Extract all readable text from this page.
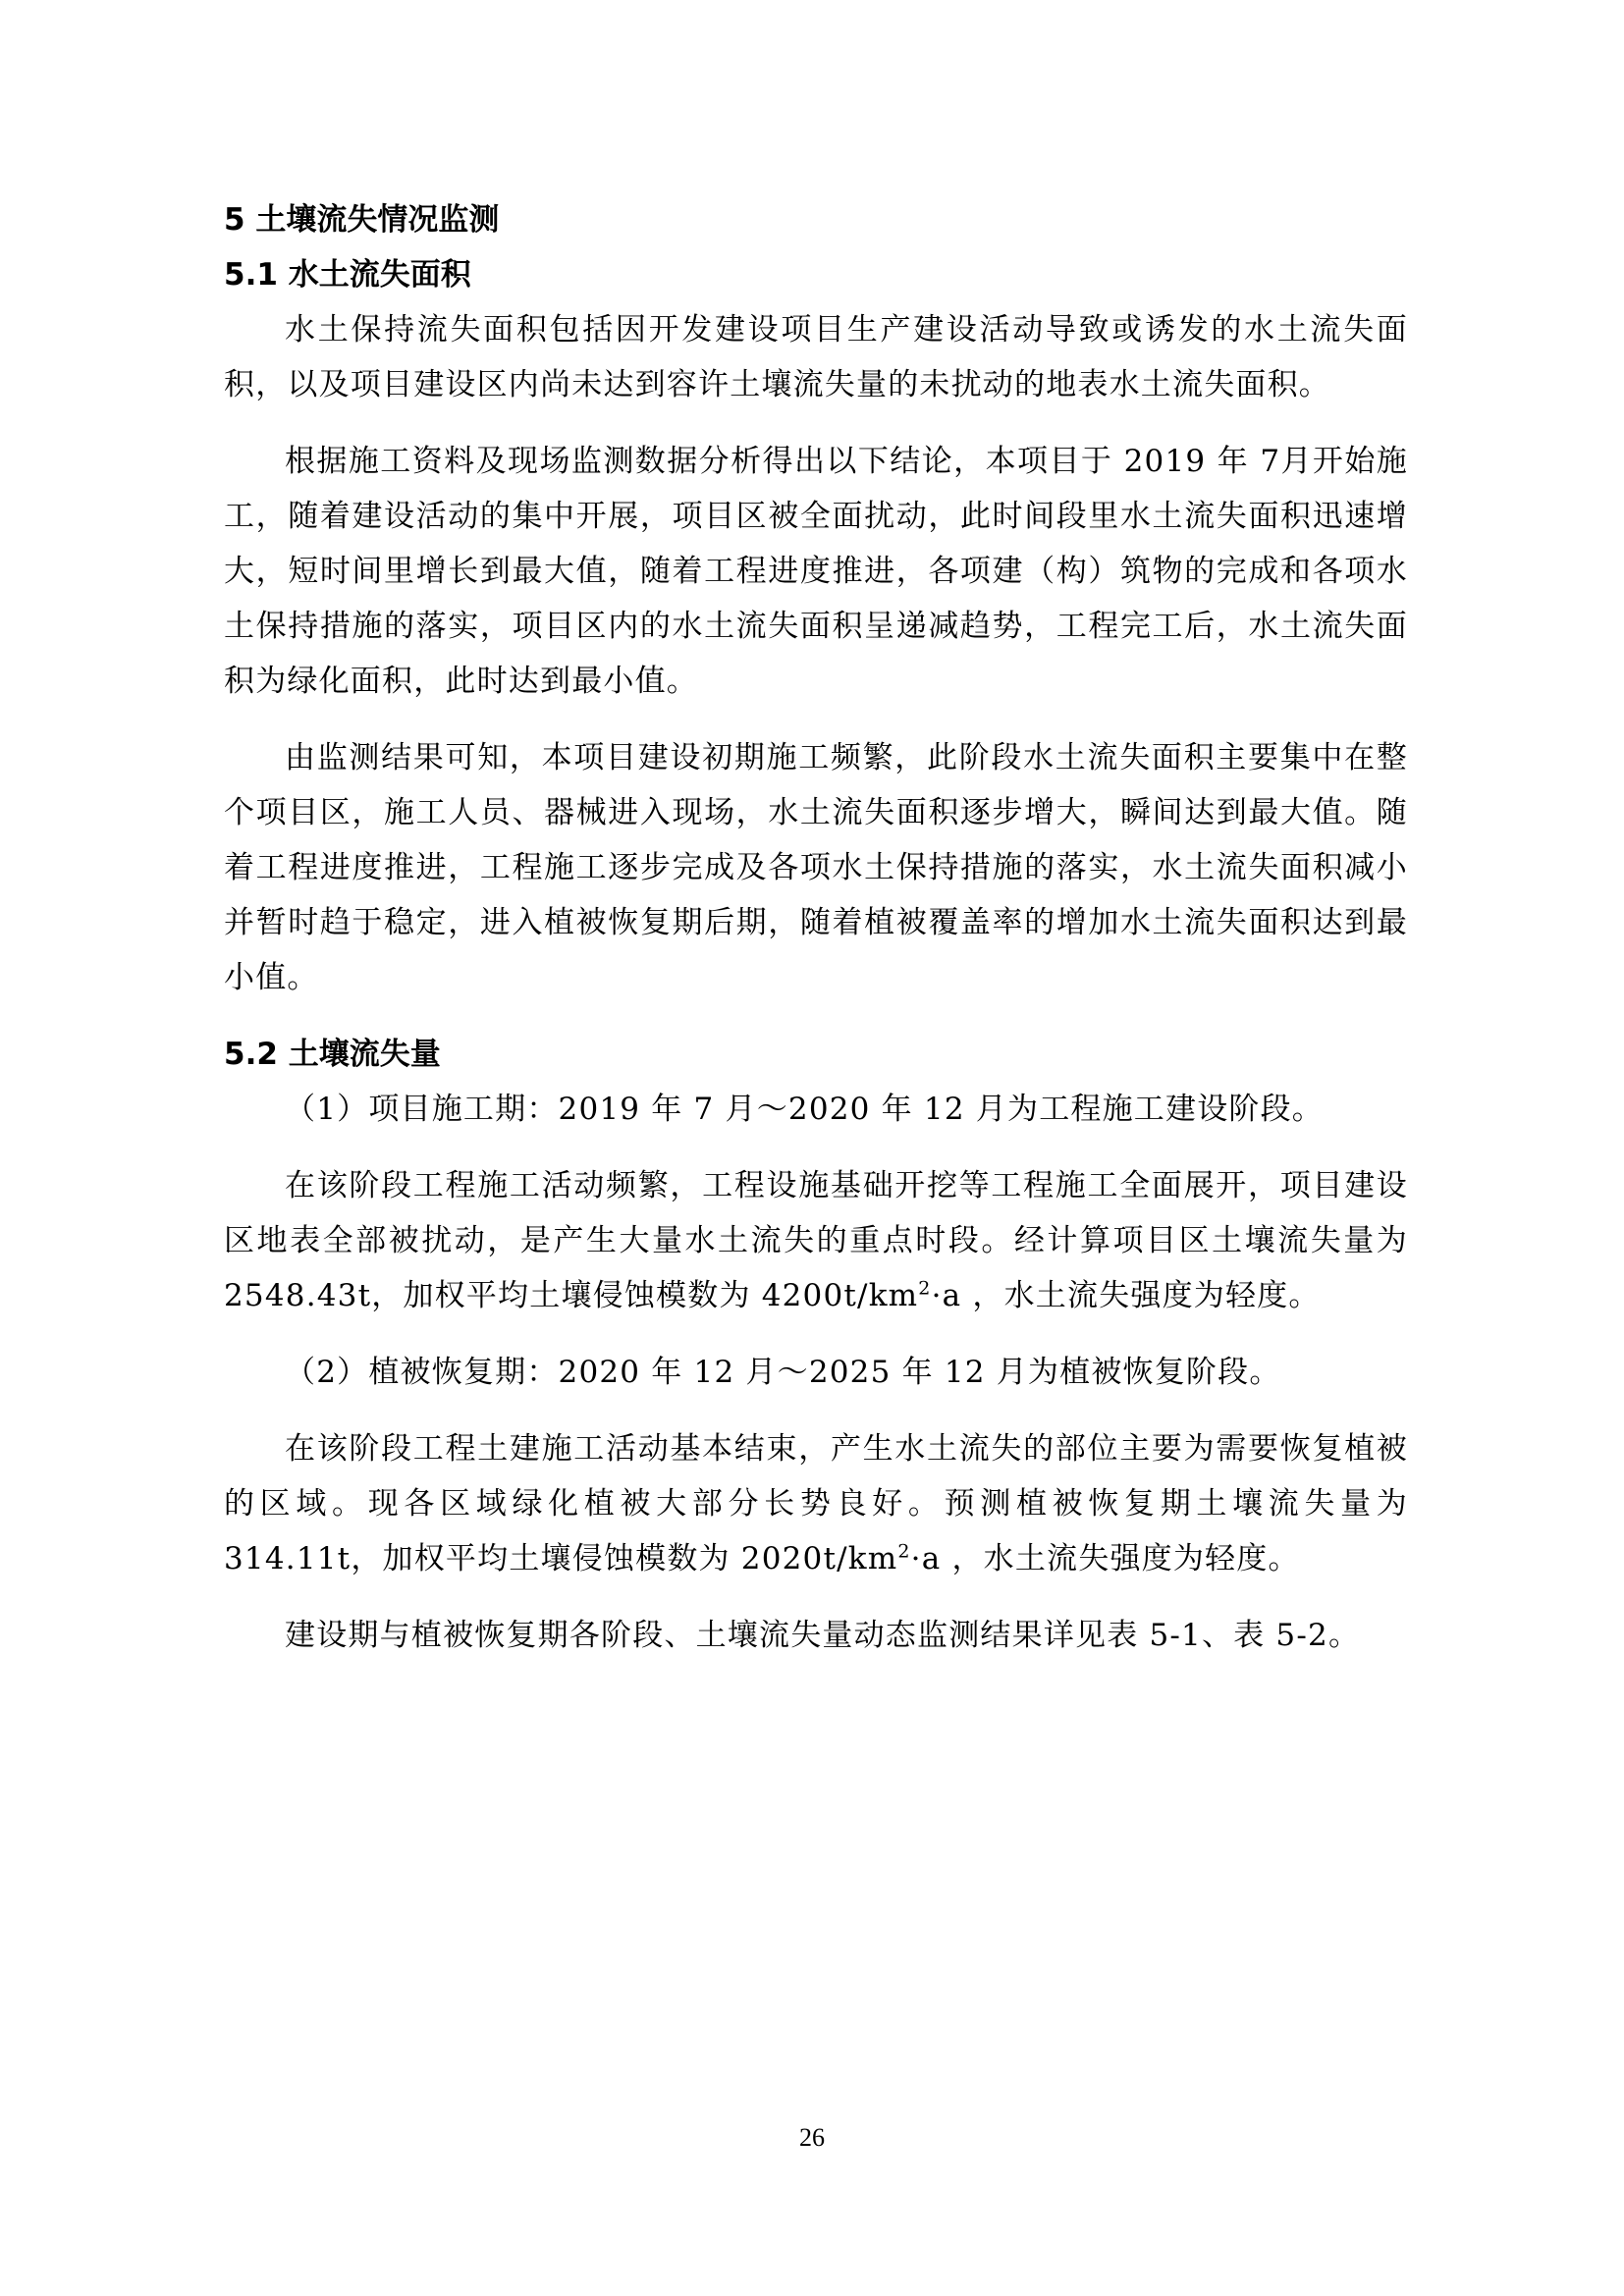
5 土壤流失情况监测
5.1 水土流失面积

水土保持流失面积包括因开发建设项目生产建设活动导致或诱发的水土流失面积，以及项目建设区内尚未达到容许土壤流失量的未扰动的地表水土流失面积。

根据施工资料及现场监测数据分析得出以下结论，本项目于 2019 年 7月开始施工，随着建设活动的集中开展，项目区被全面扰动，此时间段里水土流失面积迅速增大，短时间里增长到最大值，随着工程进度推进，各项建（构）筑物的完成和各项水土保持措施的落实，项目区内的水土流失面积呈递减趋势，工程完工后，水土流失面积为绿化面积，此时达到最小值。

由监测结果可知，本项目建设初期施工频繁，此阶段水土流失面积主要集中在整个项目区，施工人员、器械进入现场，水土流失面积逐步增大，瞬间达到最大值。随着工程进度推进，工程施工逐步完成及各项水土保持措施的落实，水土流失面积减小并暂时趋于稳定，进入植被恢复期后期，随着植被覆盖率的增加水土流失面积达到最小值。

5.2 土壤流失量

（1）项目施工期：2019 年 7 月～2020 年 12 月为工程施工建设阶段。

在该阶段工程施工活动频繁，工程设施基础开挖等工程施工全面展开，项目建设区地表全部被扰动，是产生大量水土流失的重点时段。经计算项目区土壤流失量为2548.43t，加权平均土壤侵蚀模数为 $4200t/km^2\cdot a$ ，水土流失强度为轻度。

（2）植被恢复期：2020 年 12 月～2025 年 12 月为植被恢复阶段。

在该阶段工程土建施工活动基本结束，产生水土流失的部位主要为需要恢复植被的区域。现各区域绿化植被大部分长势良好。预测植被恢复期土壤流失量为314.11t，加权平均土壤侵蚀模数为 $2020t/km^2\cdot a$ ，水土流失强度为轻度。

建设期与植被恢复期各阶段、土壤流失量动态监测结果详见表 5-1、表 5-2。

26
